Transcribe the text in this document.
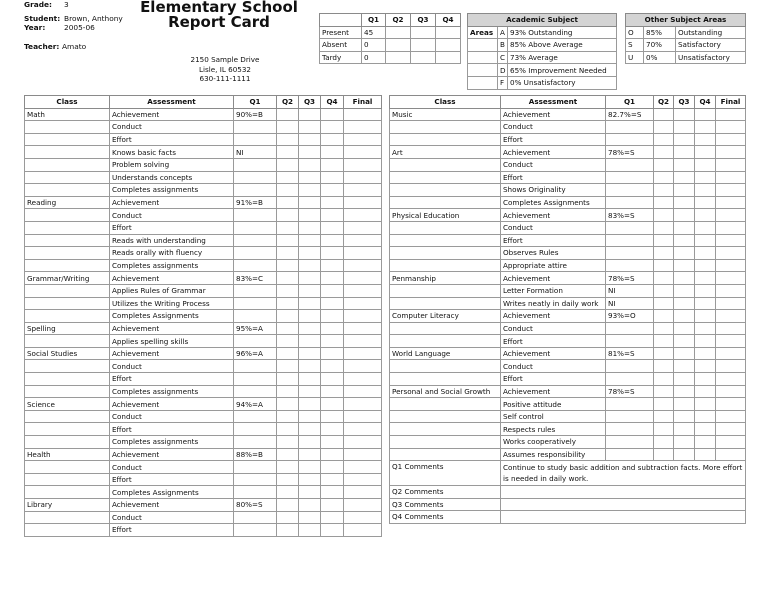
Grade: 3
Student: Brown, Anthony
Year:	2005-06
Teacher: Amato
Elementary School
Report Card
2150 Sample Drive
Lisle, IL 60532
630-111-1111
	Q1	Q2	Q3	Q4
Present	45			
Absent	0			
Tardy	0			
Academic Subject		
Areas	A	93% Outstanding
	B	85% Above Average
	C	73% Average
	D	65% Improvement Needed
	F	0% Unsatisfactory
Other Subject Areas		
O	85%	Outstanding
S	70%	Satisfactory
U	0%	Unsatisfactory
Class	Assessment	Q1	Q2	Q3	Q4	Final
Math	Achievement	90%=B				
	Conduct					
	Effort					
	Knows basic facts	NI				
	Problem solving					
	Understands concepts					
	Completes assignments					
Reading	Achievement	91%=B				
	Conduct					
	Effort					
	Reads with understanding					
	Reads orally with fluency					
	Completes assignments					
Grammar/Writing	Achievement	83%=C				
	Applies Rules of Grammar					
	Utilizes the Writing Process					
	Completes Assignments					
Spelling	Achievement	95%=A				
	Applies spelling skills					
Social Studies	Achievement	96%=A				
	Conduct					
	Effort					
	Completes assignments					
Science	Achievement	94%=A				
	Conduct					
	Effort					
	Completes assignments					
Health	Achievement	88%=B				
	Conduct					
	Effort					
	Completes Assignments					
Library	Achievement	80%=S				
	Conduct					
	Effort					
Class	Assessment	Q1	Q2	Q3	Q4	Final
Music	Achievement	82.7%=S				
	Conduct					
	Effort					
Art	Achievement	78%=S				
	Conduct					
	Effort					
	Shows Originality					
	Completes Assignments					
Physical Education	Achievement	83%=S				
	Conduct					
	Effort					
	Observes Rules					
	Appropriate attire					
Penmanship	Achievement	78%=S				
	Letter Formation	NI				
	Writes neatly in daily work	NI				
Computer Literacy	Achievement	93%=O				
	Conduct					
	Effort					
World Language	Achievement	81%=S				
	Conduct					
	Effort					
Personal and Social Growth	Achievement	78%=S				
	Positive attitude					
	Self control					
	Respects rules					
	Works cooperatively					
	Assumes responsibility					
Q1 Comments	Continue to study basic addition and subtraction facts. More effort is needed in daily work.					
Q2 Comments						
Q3 Comments						
Q4 Comments						
